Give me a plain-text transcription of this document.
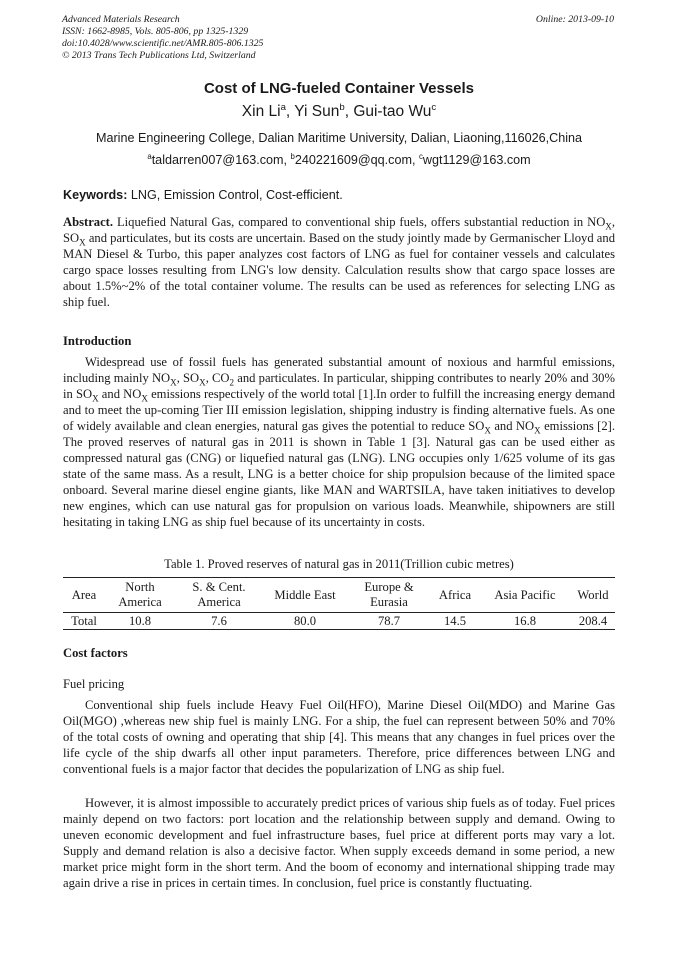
Advanced Materials Research
ISSN: 1662-8985, Vols. 805-806, pp 1325-1329
doi:10.4028/www.scientific.net/AMR.805-806.1325
© 2013 Trans Tech Publications Ltd, Switzerland
Online: 2013-09-10
Cost of LNG-fueled Container Vessels
Xin Li$^a$, Yi Sun$^b$, Gui-tao Wu$^c$
Marine Engineering College, Dalian Maritime University, Dalian, Liaoning,116026,China
$^a$taldarren007@163.com, $^b$240221609@qq.com, $^c$wgt1129@163.com
Keywords: LNG, Emission Control, Cost-efficient.
Abstract. Liquefied Natural Gas, compared to conventional ship fuels, offers substantial reduction in $NO_X$, $SO_X$ and particulates, but its costs are uncertain. Based on the study jointly made by Germanischer Lloyd and MAN Diesel & Turbo, this paper analyzes cost factors of LNG as fuel for container vessels and calculates cargo space losses resulting from LNG's low density. Calculation results show that cargo space losses are about 1.5%~2% of the total container volume. The results can be used as references for selecting LNG as ship fuel.
Introduction
Widespread use of fossil fuels has generated substantial amount of noxious and harmful emissions, including mainly $NO_X$, $SO_X$, $CO_2$ and particulates. In particular, shipping contributes to nearly 20% and 30% in $SO_X$ and $NO_X$ emissions respectively of the world total [1].In order to fulfill the increasing energy demand and to meet the up-coming Tier III emission legislation, shipping industry is finding alternative fuels. As one of widely available and clean energies, natural gas gives the potential to reduce $SO_X$ and $NO_X$ emissions [2]. The proved reserves of natural gas in 2011 is shown in Table 1 [3]. Natural gas can be used either as compressed natural gas (CNG) or liquefied natural gas (LNG). LNG occupies only 1/625 volume of its gas state of the same mass. As a result, LNG is a better choice for ship propulsion because of the limited space onboard. Several marine diesel engine giants, like MAN and WARTSILA, have taken initiatives to develop new engines, which can use natural gas for propulsion on various loads. Meanwhile, shipowners are still hesitating in taking LNG as ship fuel because of its uncertainty in costs.
Table 1. Proved reserves of natural gas in 2011(Trillion cubic metres)
Area	North America	S. & Cent. America	Middle East	Europe & Eurasia	Africa	Asia Pacific	World
Total	10.8	7.6	80.0	78.7	14.5	16.8	208.4
Cost factors
Fuel pricing
Conventional ship fuels include Heavy Fuel Oil(HFO), Marine Diesel Oil(MDO) and Marine Gas Oil(MGO) ,whereas new ship fuel is mainly LNG. For a ship, the fuel can represent between 50% and 70% of the total costs of owning and operating that ship [4]. This means that any changes in fuel prices over the life cycle of the ship dwarfs all other input parameters. Therefore, price differences between LNG and conventional fuels is a major factor that decides the popularization of LNG as ship fuel.
However, it is almost impossible to accurately predict prices of various ship fuels as of today. Fuel prices mainly depend on two factors: port location and the relationship between supply and demand. Owing to uneven economic development and fuel infrastructure bases, fuel price at different ports may vary a lot. Supply and demand relation is also a decisive factor. When supply exceeds demand in some period, a new market price might form in the short term. And the boom of economy and international shipping trade may again drive a rise in prices in certain times. In conclusion, fuel price is constantly fluctuating.
